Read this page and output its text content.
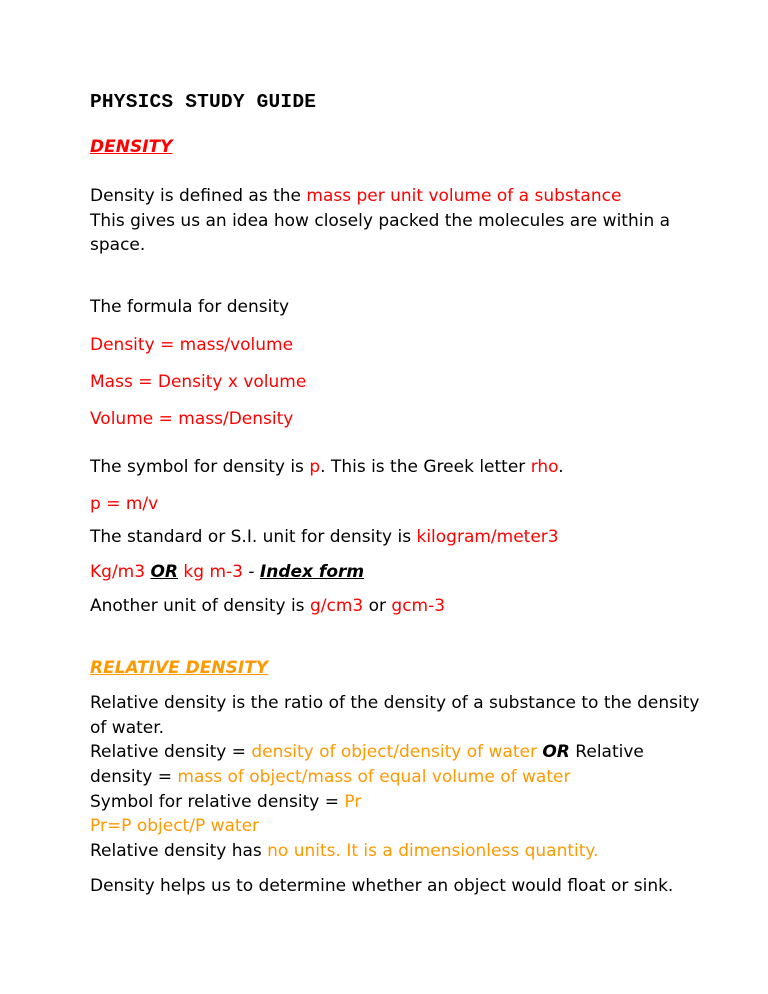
PHYSICS STUDY GUIDE
DENSITY
Density is defined as the mass per unit volume of a substance
This gives us an idea how closely packed the molecules are within a
space.
The formula for density
Density = mass/volume
Mass = Density x volume
Volume = mass/Density
The symbol for density is p. This is the Greek letter rho.
p = m/v
The standard or S.I. unit for density is kilogram/meter3
Kg/m3 OR kg m-3 - Index form
Another unit of density is g/cm3 or gcm-3
RELATIVE DENSITY
Relative density is the ratio of the density of a substance to the density
of water.
Relative density = density of object/density of water OR Relative
density = mass of object/mass of equal volume of water
Symbol for relative density = Pr
Pr=P object/P water
Relative density has no units. It is a dimensionless quantity.
Density helps us to determine whether an object would float or sink.
